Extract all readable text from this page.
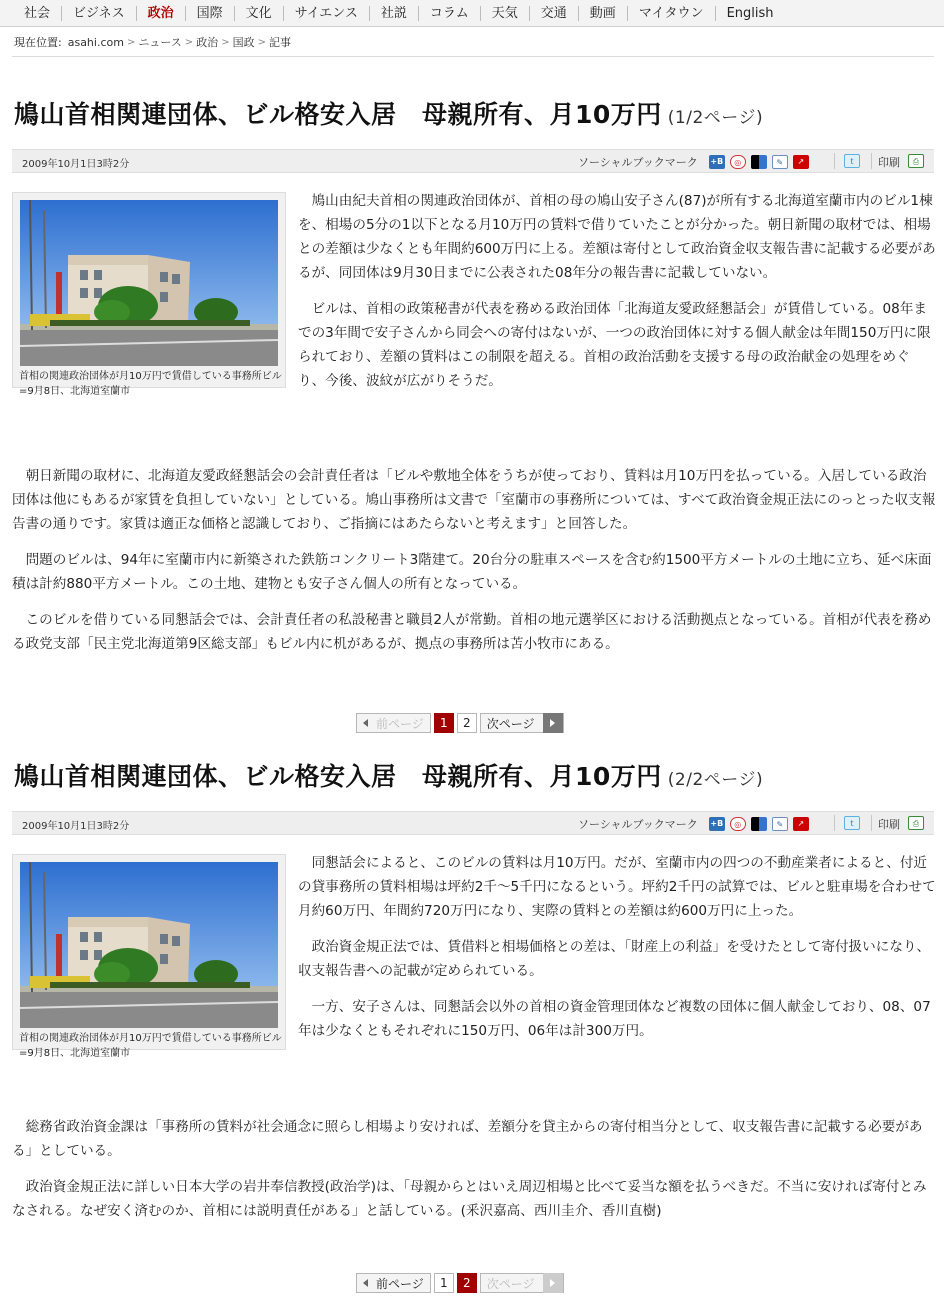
社会	ビジネス	政治	国際	文化	サイエンス	社説	コラム	天気	交通	動画	マイタウン	English
現在位置: asahi.com > ニュース > 政治 > 国政 > 記事
鳩山首相関連団体、ビル格安入居　母親所有、月10万円 (1/2ページ)
2009年10月1日3時2分	ソーシャルブックマーク +B	◎	✎	↗	t	印刷	⎙
首相の関連政治団体が月10万円で賃借している事務所ビル=9月8日、北海道室蘭市

鳩山由紀夫首相の関連政治団体が、首相の母の鳩山安子さん(87)が所有する北海道室蘭市内のビル1棟を、相場の5分の1以下となる月10万円の賃料で借りていたことが分かった。朝日新聞の取材では、相場との差額は少なくとも年間約600万円に上る。差額は寄付として政治資金収支報告書に記載する必要があるが、同団体は9月30日までに公表された08年分の報告書に記載していない。

ビルは、首相の政策秘書が代表を務める政治団体「北海道友愛政経懇話会」が賃借している。08年までの3年間で安子さんから同会への寄付はないが、一つの政治団体に対する個人献金は年間150万円に限られており、差額の賃料はこの制限を超える。首相の政治活動を支援する母の政治献金の処理をめぐり、今後、波紋が広がりそうだ。

朝日新聞の取材に、北海道友愛政経懇話会の会計責任者は「ビルや敷地全体をうちが使っており、賃料は月10万円を払っている。入居している政治団体は他にもあるが家賃を負担していない」としている。鳩山事務所は文書で「室蘭市の事務所については、すべて政治資金規正法にのっとった収支報告書の通りです。家賃は適正な価格と認識しており、ご指摘にはあたらないと考えます」と回答した。

問題のビルは、94年に室蘭市内に新築された鉄筋コンクリート3階建て。20台分の駐車スペースを含む約1500平方メートルの土地に立ち、延べ床面積は計約880平方メートル。この土地、建物とも安子さん個人の所有となっている。

このビルを借りている同懇話会では、会計責任者の私設秘書と職員2人が常勤。首相の地元選挙区における活動拠点となっている。首相が代表を務める政党支部「民主党北海道第9区総支部」もビル内に机があるが、拠点の事務所は苫小牧市にある。

前ページ	1	2	次ページ
鳩山首相関連団体、ビル格安入居　母親所有、月10万円 (2/2ページ)
2009年10月1日3時2分	ソーシャルブックマーク +B	◎	✎	↗	t	印刷	⎙
首相の関連政治団体が月10万円で賃借している事務所ビル=9月8日、北海道室蘭市

同懇話会によると、このビルの賃料は月10万円。だが、室蘭市内の四つの不動産業者によると、付近の貸事務所の賃料相場は坪約2千～5千円になるという。坪約2千円の試算では、ビルと駐車場を合わせて月約60万円、年間約720万円になり、実際の賃料との差額は約600万円に上った。

政治資金規正法では、賃借料と相場価格との差は、「財産上の利益」を受けたとして寄付扱いになり、収支報告書への記載が定められている。

一方、安子さんは、同懇話会以外の首相の資金管理団体など複数の団体に個人献金しており、08、07年は少なくともそれぞれに150万円、06年は計300万円。

総務省政治資金課は「事務所の賃料が社会通念に照らし相場より安ければ、差額分を貸主からの寄付相当分として、収支報告書に記載する必要がある」としている。

政治資金規正法に詳しい日本大学の岩井奉信教授(政治学)は、「母親からとはいえ周辺相場と比べて妥当な額を払うべきだ。不当に安ければ寄付とみなされる。なぜ安く済むのか、首相には説明責任がある」と話している。(釆沢嘉高、西川圭介、香川直樹)

前ページ	1	2	次ページ
